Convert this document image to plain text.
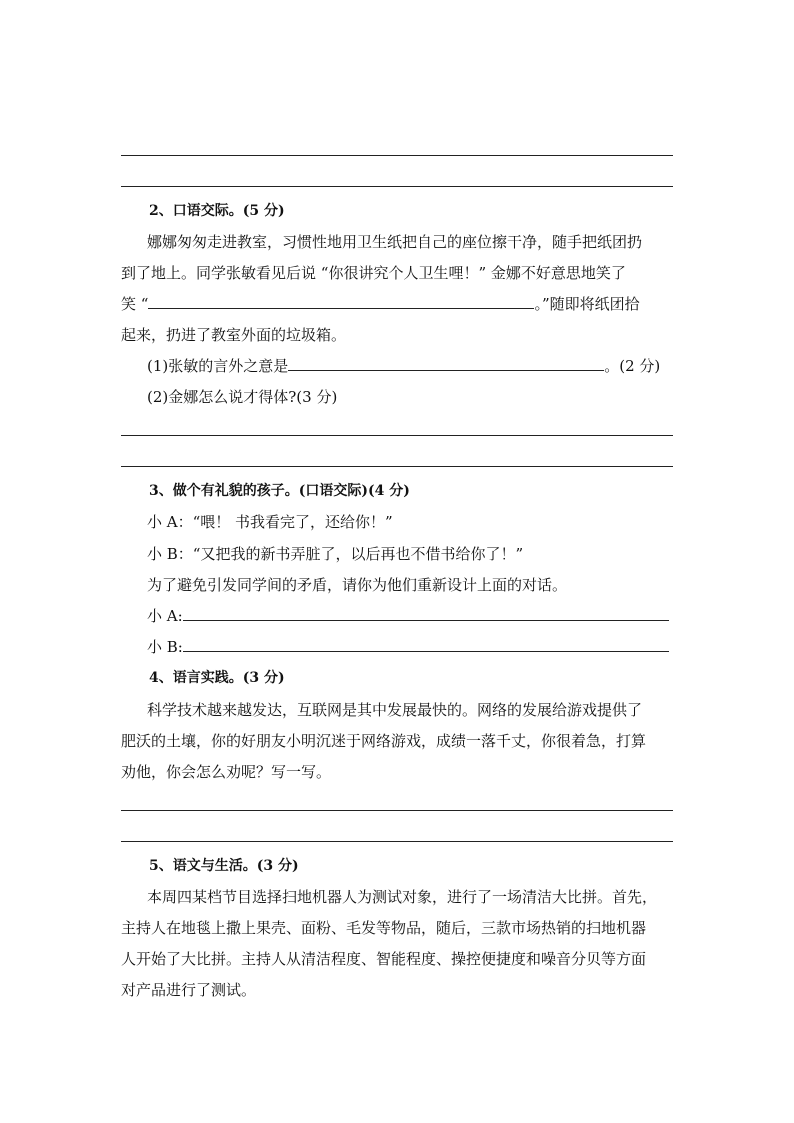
2、口语交际。(5 分)
娜娜匆匆走进教室，习惯性地用卫生纸把自己的座位擦干净，随手把纸团扔
到了地上。同学张敏看见后说 “你很讲究个人卫生哩！” 金娜不好意思地笑了
笑 “	。”随即将纸团拾
起来，扔进了教室外面的垃圾箱。
(1)张敏的言外之意是	。(2 分)
(2)金娜怎么说才得体?(3 分)
3、做个有礼貌的孩子。(口语交际)(4 分)
小 A：“喂！ 书我看完了，还给你！”
小 B：“又把我的新书弄脏了，以后再也不借书给你了！”
为了避免引发同学间的矛盾，请你为他们重新设计上面的对话。
小 A:
小 B:
4、语言实践。(3 分)
科学技术越来越发达，互联网是其中发展最快的。网络的发展给游戏提供了
肥沃的土壤，你的好朋友小明沉迷于网络游戏，成绩一落千丈，你很着急，打算
劝他，你会怎么劝呢？写一写。
5、语文与生活。(3 分)
本周四某档节目选择扫地机器人为测试对象，进行了一场清洁大比拼。首先，
主持人在地毯上撒上果壳、面粉、毛发等物品，随后，三款市场热销的扫地机器
人开始了大比拼。主持人从清洁程度、智能程度、操控便捷度和噪音分贝等方面
对产品进行了测试。
